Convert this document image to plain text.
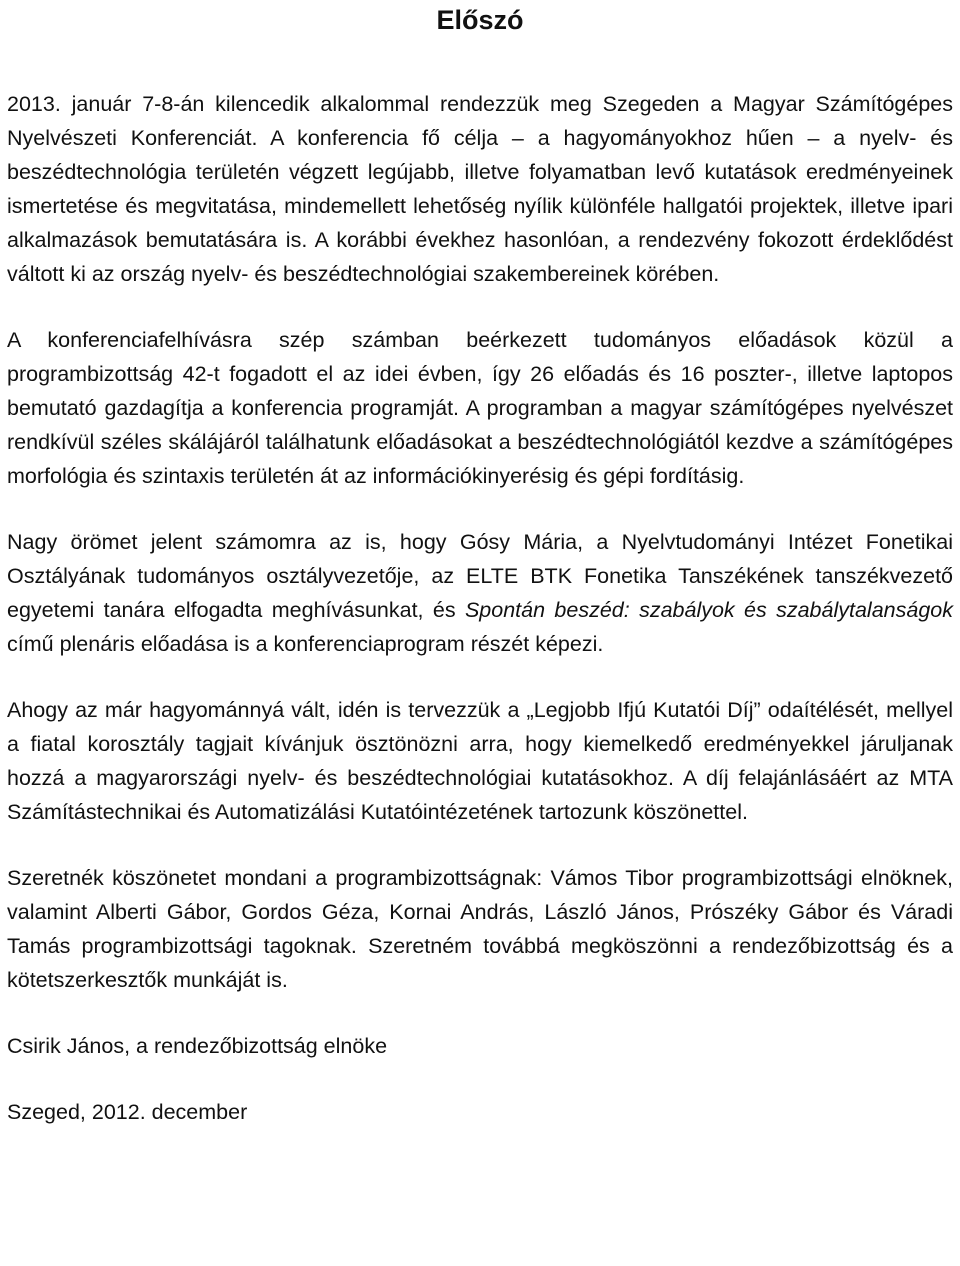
Előszó

2013. január 7-8-án kilencedik alkalommal rendezzük meg Szegeden a Magyar Számítógépes Nyelvészeti Konferenciát. A konferencia fő célja – a hagyományokhoz hűen – a nyelv- és beszédtechnológia területén végzett legújabb, illetve folyamatban levő kutatások eredményeinek ismertetése és megvitatása, mindemellett lehetőség nyílik különféle hallgatói projektek, illetve ipari alkalmazások bemutatására is. A korábbi évekhez hasonlóan, a rendezvény fokozott érdeklődést váltott ki az ország nyelv- és beszédtechnológiai szakembereinek körében.

A konferenciafelhívásra szép számban beérkezett tudományos előadások közül a programbizottság 42-t fogadott el az idei évben, így 26 előadás és 16 poszter-, illetve laptopos bemutató gazdagítja a konferencia programját. A programban a magyar számítógépes nyelvészet rendkívül széles skálájáról találhatunk előadásokat a beszédtechnológiától kezdve a számítógépes morfológia és szintaxis területén át az információkinyerésig és gépi fordításig.

Nagy örömet jelent számomra az is, hogy Gósy Mária, a Nyelvtudományi Intézet Fonetikai Osztályának tudományos osztályvezetője, az ELTE BTK Fonetika Tanszékének tanszékvezető egyetemi tanára elfogadta meghívásunkat, és Spontán beszéd: szabályok és szabálytalanságok című plenáris előadása is a konferenciaprogram részét képezi.

Ahogy az már hagyománnyá vált, idén is tervezzük a „Legjobb Ifjú Kutatói Díj” odaítélését, mellyel a fiatal korosztály tagjait kívánjuk ösztönözni arra, hogy kiemelkedő eredményekkel járuljanak hozzá a magyarországi nyelv- és beszédtechnológiai kutatásokhoz. A díj felajánlásáért az MTA Számítástechnikai és Automatizálási Kutatóintézetének tartozunk köszönettel.

Szeretnék köszönetet mondani a programbizottságnak: Vámos Tibor programbizottsági elnöknek, valamint Alberti Gábor, Gordos Géza, Kornai András, László János, Prószéky Gábor és Váradi Tamás programbizottsági tagoknak. Szeretném továbbá megköszönni a rendezőbizottság és a kötetszerkesztők munkáját is.

Csirik János, a rendezőbizottság elnöke

Szeged, 2012. december
